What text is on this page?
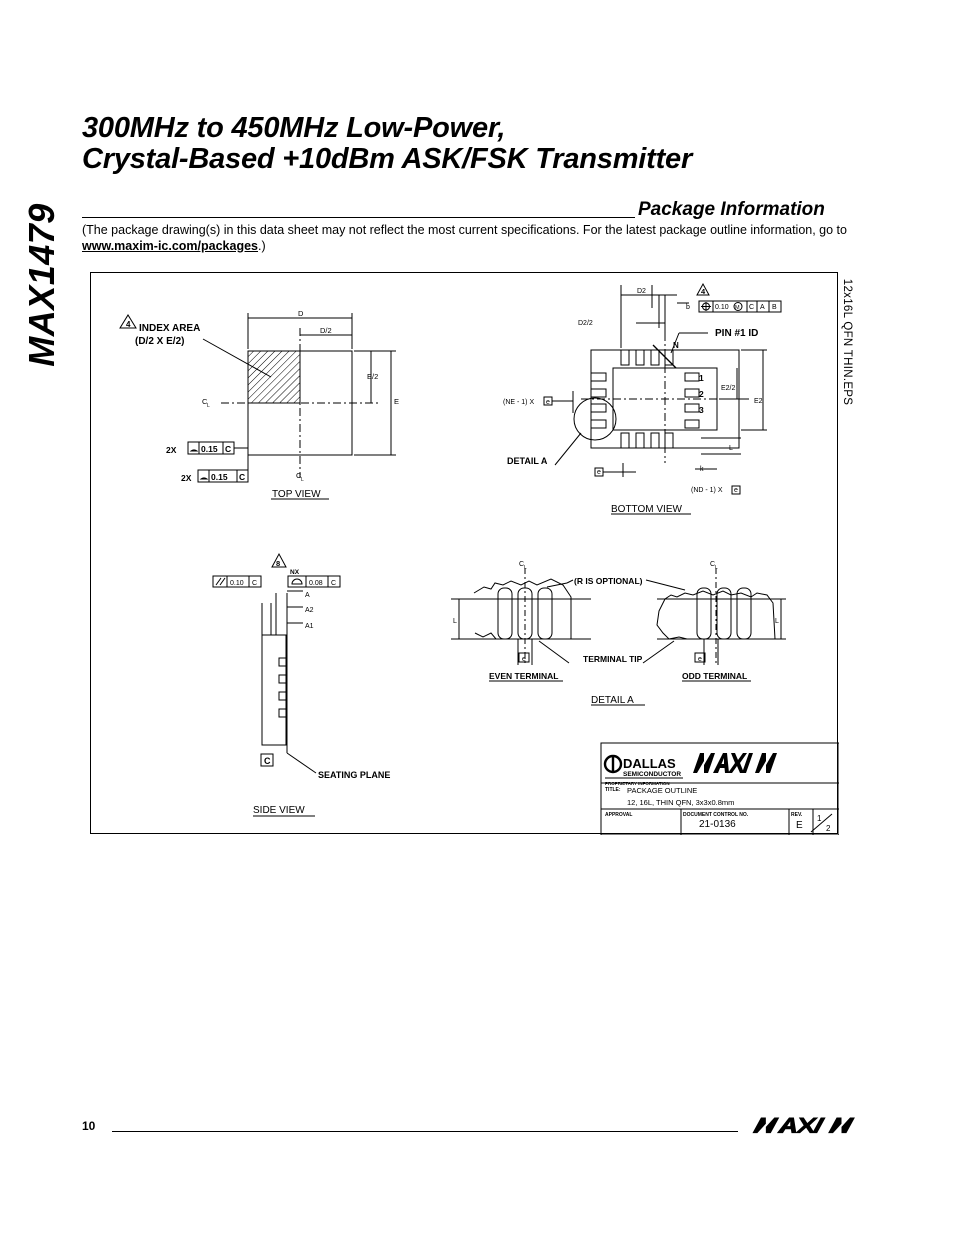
MAX1479
300MHz to 450MHz Low-Power,
Crystal-Based +10dBm ASK/FSK Transmitter
Package Information
(The package drawing(s) in this data sheet may not reflect the most current specifications. For the latest package outline information, go to www.maxim-ic.com/packages.)
D
D/2
E/2
E
C L
C L
4 INDEX AREA
(D/2 X E/2)
2X	0.15 C
2X 0.15 C
TOP VIEW
D2
D2/2
b	0.10 M C A B
E2/2
E2
L
k
(NE - 1) X e
(ND - 1) X e
e
4
PIN #1 ID
N
1
2
3
DETAIL A
BOTTOM VIEW
0.10 C	0.08 C
A
A2
A1
8
NX
C
SEATING PLANE
SIDE VIEW
C L	C L
L	L
e	e
(R IS OPTIONAL)
TERMINAL TIP
EVEN TERMINAL	ODD TERMINAL
DETAIL A
DALLAS
SEMICONDUCTOR
PROPRIETARY INFORMATION
TITLE: PACKAGE OUTLINE
12, 16L, THIN QFN, 3x3x0.8mm
APPROVAL	DOCUMENT CONTROL NO.
21-0136
REV.
E
1
2
12x16L QFN THIN.EPS
10
